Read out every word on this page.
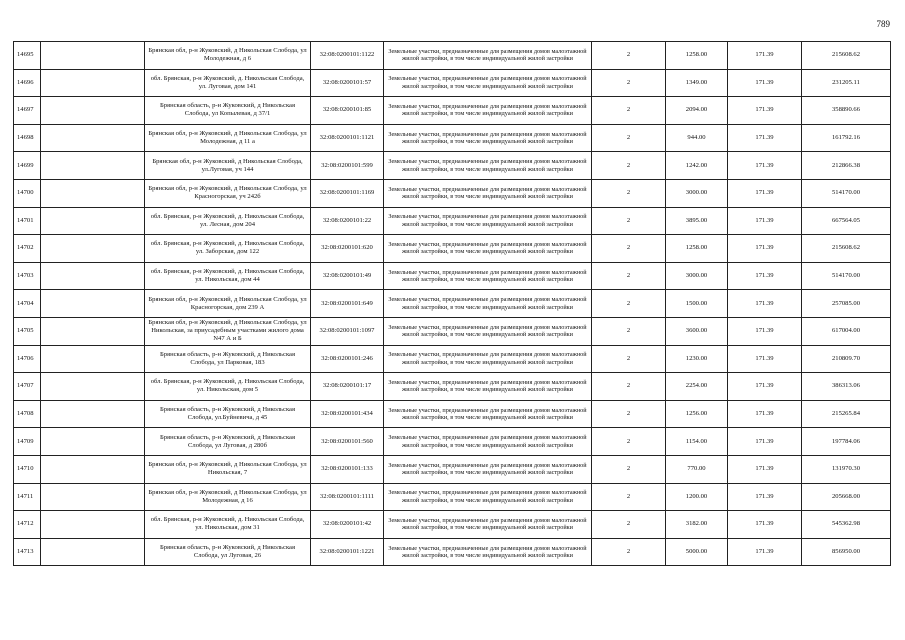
789
14695		Брянская обл, р-н Жуковский, д Никольская Слобода, ул Молодежная, д 6	32:08:0200101:1122	Земельные участки, предназначенные для размещения домов малоэтажной жилой застройки, в том числе индивидуальной жилой застройки	2	1258.00	171.39	215608.62
14696		обл. Брянская, р-н Жуковский, д. Никольская Слобода, ул. Луговая, дом 141	32:08:0200101:57	Земельные участки, предназначенные для размещения домов малоэтажной жилой застройки, в том числе индивидуальной жилой застройки	2	1349.00	171.39	231205.11
14697		Брянская область, р-н Жуковский, д Никольская Слобода, ул Копылевая, д 37/1	32:08:0200101:85	Земельные участки, предназначенные для размещения домов малоэтажной жилой застройки, в том числе индивидуальной жилой застройки	2	2094.00	171.39	358890.66
14698		Брянская обл, р-н Жуковский, д Никольская Слобода, ул Молодежная, д 11 а	32:08:0200101:1121	Земельные участки, предназначенные для размещения домов малоэтажной жилой застройки, в том числе индивидуальной жилой застройки	2	944.00	171.39	161792.16
14699		Брянская обл, р-н Жуковский, д Никольская Слобода, ул.Луговая, уч 144	32:08:0200101:599	Земельные участки, предназначенные для размещения домов малоэтажной жилой застройки, в том числе индивидуальной жилой застройки	2	1242.00	171.39	212866.38
14700		Брянская обл, р-н Жуковский, д Никольская Слобода, ул Красногорская, уч 242б	32:08:0200101:1169	Земельные участки, предназначенные для размещения домов малоэтажной жилой застройки, в том числе индивидуальной жилой застройки	2	3000.00	171.39	514170.00
14701		обл. Брянская, р-н Жуковский, д. Никольская Слобода, ул. Лесная, дом 204	32:08:0200101:22	Земельные участки, предназначенные для размещения домов малоэтажной жилой застройки, в том числе индивидуальной жилой застройки	2	3895.00	171.39	667564.05
14702		обл. Брянская, р-н Жуковский, д. Никольская Слобода, ул. Заборская, дом 122	32:08:0200101:620	Земельные участки, предназначенные для размещения домов малоэтажной жилой застройки, в том числе индивидуальной жилой застройки	2	1258.00	171.39	215608.62
14703		обл. Брянская, р-н Жуковский, д. Никольская Слобода, ул. Никольская, дом 44	32:08:0200101:49	Земельные участки, предназначенные для размещения домов малоэтажной жилой застройки, в том числе индивидуальной жилой застройки	2	3000.00	171.39	514170.00
14704		Брянская обл, р-н Жуковский, д Никольская Слобода, ул Красногорская, дом 239 А	32:08:0200101:649	Земельные участки, предназначенные для размещения домов малоэтажной жилой застройки, в том числе индивидуальной жилой застройки	2	1500.00	171.39	257085.00
14705		Брянская обл, р-н Жуковский, д Никольская Слобода, ул Никольская, за приусадебным участками жилого дома N47 А и Б	32:08:0200101:1097	Земельные участки, предназначенные для размещения домов малоэтажной жилой застройки, в том числе индивидуальной жилой застройки	2	3600.00	171.39	617004.00
14706		Брянская область, р-н Жуковский, д Никольская Слобода, ул Парковая, 183	32:08:0200101:246	Земельные участки, предназначенные для размещения домов малоэтажной жилой застройки, в том числе индивидуальной жилой застройки	2	1230.00	171.39	210809.70
14707		обл. Брянская, р-н Жуковский, д. Никольская Слобода, ул. Никольская, дом 5	32:08:0200101:17	Земельные участки, предназначенные для размещения домов малоэтажной жилой застройки, в том числе индивидуальной жилой застройки	2	2254.00	171.39	386313.06
14708		Брянская область, р-н Жуковский, д Никольская Слобода, ул.Буйневича, д 45	32:08:0200101:434	Земельные участки, предназначенные для размещения домов малоэтажной жилой застройки, в том числе индивидуальной жилой застройки	2	1256.00	171.39	215265.84
14709		Брянская область, р-н Жуковский, д Никольская Слобода, ул Луговая, д 280б	32:08:0200101:560	Земельные участки, предназначенные для размещения домов малоэтажной жилой застройки, в том числе индивидуальной жилой застройки	2	1154.00	171.39	197784.06
14710		Брянская обл, р-н Жуковский, д Никольская Слобода, ул Никольская, 7	32:08:0200101:133	Земельные участки, предназначенные для размещения домов малоэтажной жилой застройки, в том числе индивидуальной жилой застройки	2	770.00	171.39	131970.30
14711		Брянская обл, р-н Жуковский, д Никольская Слобода, ул Молодежная, д 16	32:08:0200101:1111	Земельные участки, предназначенные для размещения домов малоэтажной жилой застройки, в том числе индивидуальной жилой застройки	2	1200.00	171.39	205668.00
14712		обл. Брянская, р-н Жуковский, д. Никольская Слобода, ул. Никольская, дом 31	32:08:0200101:42	Земельные участки, предназначенные для размещения домов малоэтажной жилой застройки, в том числе индивидуальной жилой застройки	2	3182.00	171.39	545362.98
14713		Брянская область, р-н Жуковский, д Никольская Слобода, ул Луговая, 26	32:08:0200101:1221	Земельные участки, предназначенные для размещения домов малоэтажной жилой застройки, в том числе индивидуальной жилой застройки	2	5000.00	171.39	856950.00
